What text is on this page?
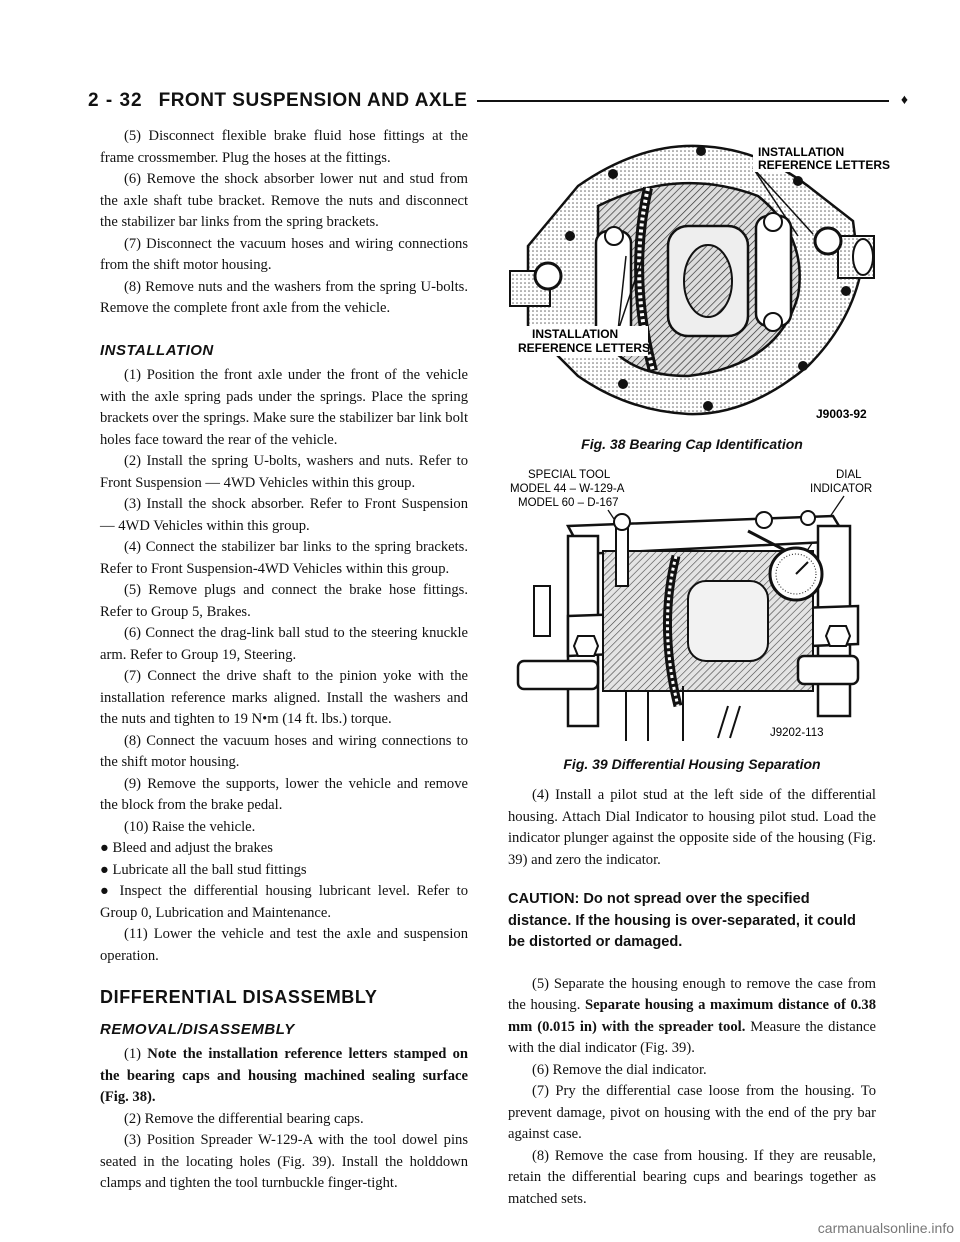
2 - 32 FRONT SUSPENSION AND AXLE	♦

(5) Disconnect flexible brake fluid hose fittings at the frame crossmember. Plug the hoses at the fittings.

(6) Remove the shock absorber lower nut and stud from the axle shaft tube bracket. Remove the nuts and disconnect the stabilizer bar links from the spring brackets.

(7) Disconnect the vacuum hoses and wiring connections from the shift motor housing.

(8) Remove nuts and the washers from the spring U-bolts. Remove the complete front axle from the vehicle.

INSTALLATION

(1) Position the front axle under the front of the vehicle with the axle spring pads under the springs. Place the spring brackets over the springs. Make sure the stabilizer bar link bolt holes face toward the rear of the vehicle.

(2) Install the spring U-bolts, washers and nuts. Refer to Front Suspension — 4WD Vehicles within this group.

(3) Install the shock absorber. Refer to Front Suspension — 4WD Vehicles within this group.

(4) Connect the stabilizer bar links to the spring brackets. Refer to Front Suspension-4WD Vehicles within this group.

(5) Remove plugs and connect the brake hose fittings. Refer to Group 5, Brakes.

(6) Connect the drag-link ball stud to the steering knuckle arm. Refer to Group 19, Steering.

(7) Connect the drive shaft to the pinion yoke with the installation reference marks aligned. Install the washers and the nuts and tighten to 19 N•m (14 ft. lbs.) torque.

(8) Connect the vacuum hoses and wiring connections to the shift motor housing.

(9) Remove the supports, lower the vehicle and remove the block from the brake pedal.

(10) Raise the vehicle.

● Bleed and adjust the brakes

● Lubricate all the ball stud fittings

● Inspect the differential housing lubricant level. Refer to Group 0, Lubrication and Maintenance.

(11) Lower the vehicle and test the axle and suspension operation.

DIFFERENTIAL DISASSEMBLY
REMOVAL/DISASSEMBLY

(1) Note the installation reference letters stamped on the bearing caps and housing machined sealing surface (Fig. 38).

(2) Remove the differential bearing caps.

(3) Position Spreader W-129-A with the tool dowel pins seated in the locating holes (Fig. 39). Install the holddown clamps and tighten the tool turnbuckle finger-tight.

INSTALLATION
REFERENCE LETTERS
INSTALLATION
REFERENCE LETTERS
J9003-92
Fig. 38 Bearing Cap Identification
SPECIAL TOOL
MODEL 44 – W-129-A
MODEL 60 – D-167
DIAL
INDICATOR
J9202-113
Fig. 39 Differential Housing Separation

(4) Install a pilot stud at the left side of the differential housing. Attach Dial Indicator to housing pilot stud. Load the indicator plunger against the opposite side of the housing (Fig. 39) and zero the indicator.

CAUTION: Do not spread over the specified distance. If the housing is over-separated, it could be distorted or damaged.

(5) Separate the housing enough to remove the case from the housing. Separate housing a maximum distance of 0.38 mm (0.015 in) with the spreader tool. Measure the distance with the dial indicator (Fig. 39).

(6) Remove the dial indicator.

(7) Pry the differential case loose from the housing. To prevent damage, pivot on housing with the end of the pry bar against case.

(8) Remove the case from housing. If they are reusable, retain the differential bearing cups and bearings together as matched sets.

carmanualsonline.info
